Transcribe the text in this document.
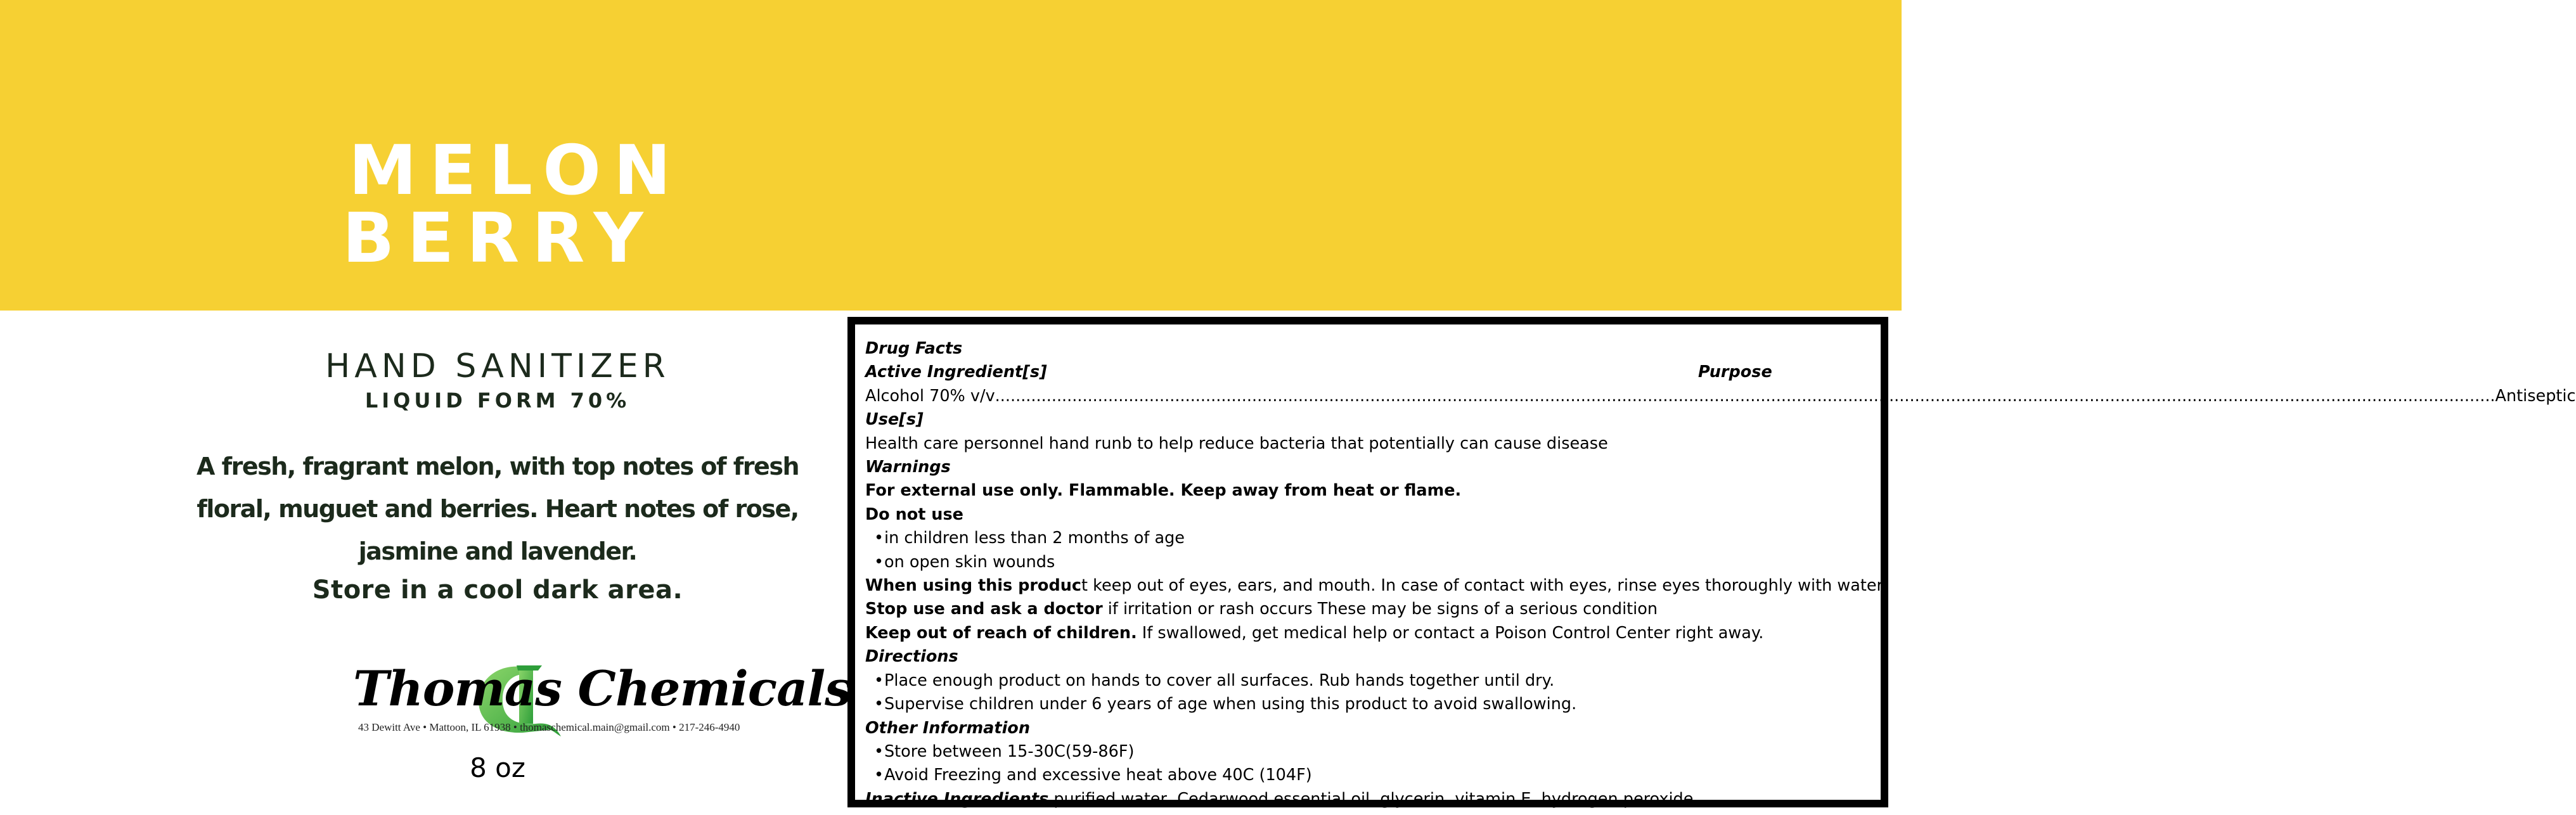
MELON
BERRY
HAND SANITIZER
LIQUID FORM 70%
A fresh, fragrant melon, with top notes of fresh floral, muguet and berries. Heart notes of rose, jasmine and lavender.
Store in a cool dark area.
Thomas Chemicals
43 Dewitt Ave • Mattoon, IL 61938 • thomaschemical.main@gmail.com • 217-246-4940
8 oz
Drug Facts
Active Ingredient[s]	Purpose
Alcohol 70% v/v .................................................................................................................................................................................................................................................................................................... Antiseptic
Use[s]
Health care personnel hand runb to help reduce bacteria that potentially can cause disease
Warnings
For external use only. Flammable. Keep away from heat or flame.
Do not use
• in children less than 2 months of age
• on open skin wounds
When using this product keep out of eyes, ears, and mouth. In case of contact with eyes, rinse eyes thoroughly with water.
Stop use and ask a doctor if irritation or rash occurs These may be signs of a serious condition
Keep out of reach of children. If swallowed, get medical help or contact a Poison Control Center right away.
Directions
• Place enough product on hands to cover all surfaces. Rub hands together until dry.
• Supervise children under 6 years of age when using this product to avoid swallowing.
Other Information
• Store between 15-30C(59-86F)
• Avoid Freezing and excessive heat above 40C (104F)
Inactive Ingredients purified water, Cedarwood essential oil, glycerin, vitamin E, hydrogen peroxide
